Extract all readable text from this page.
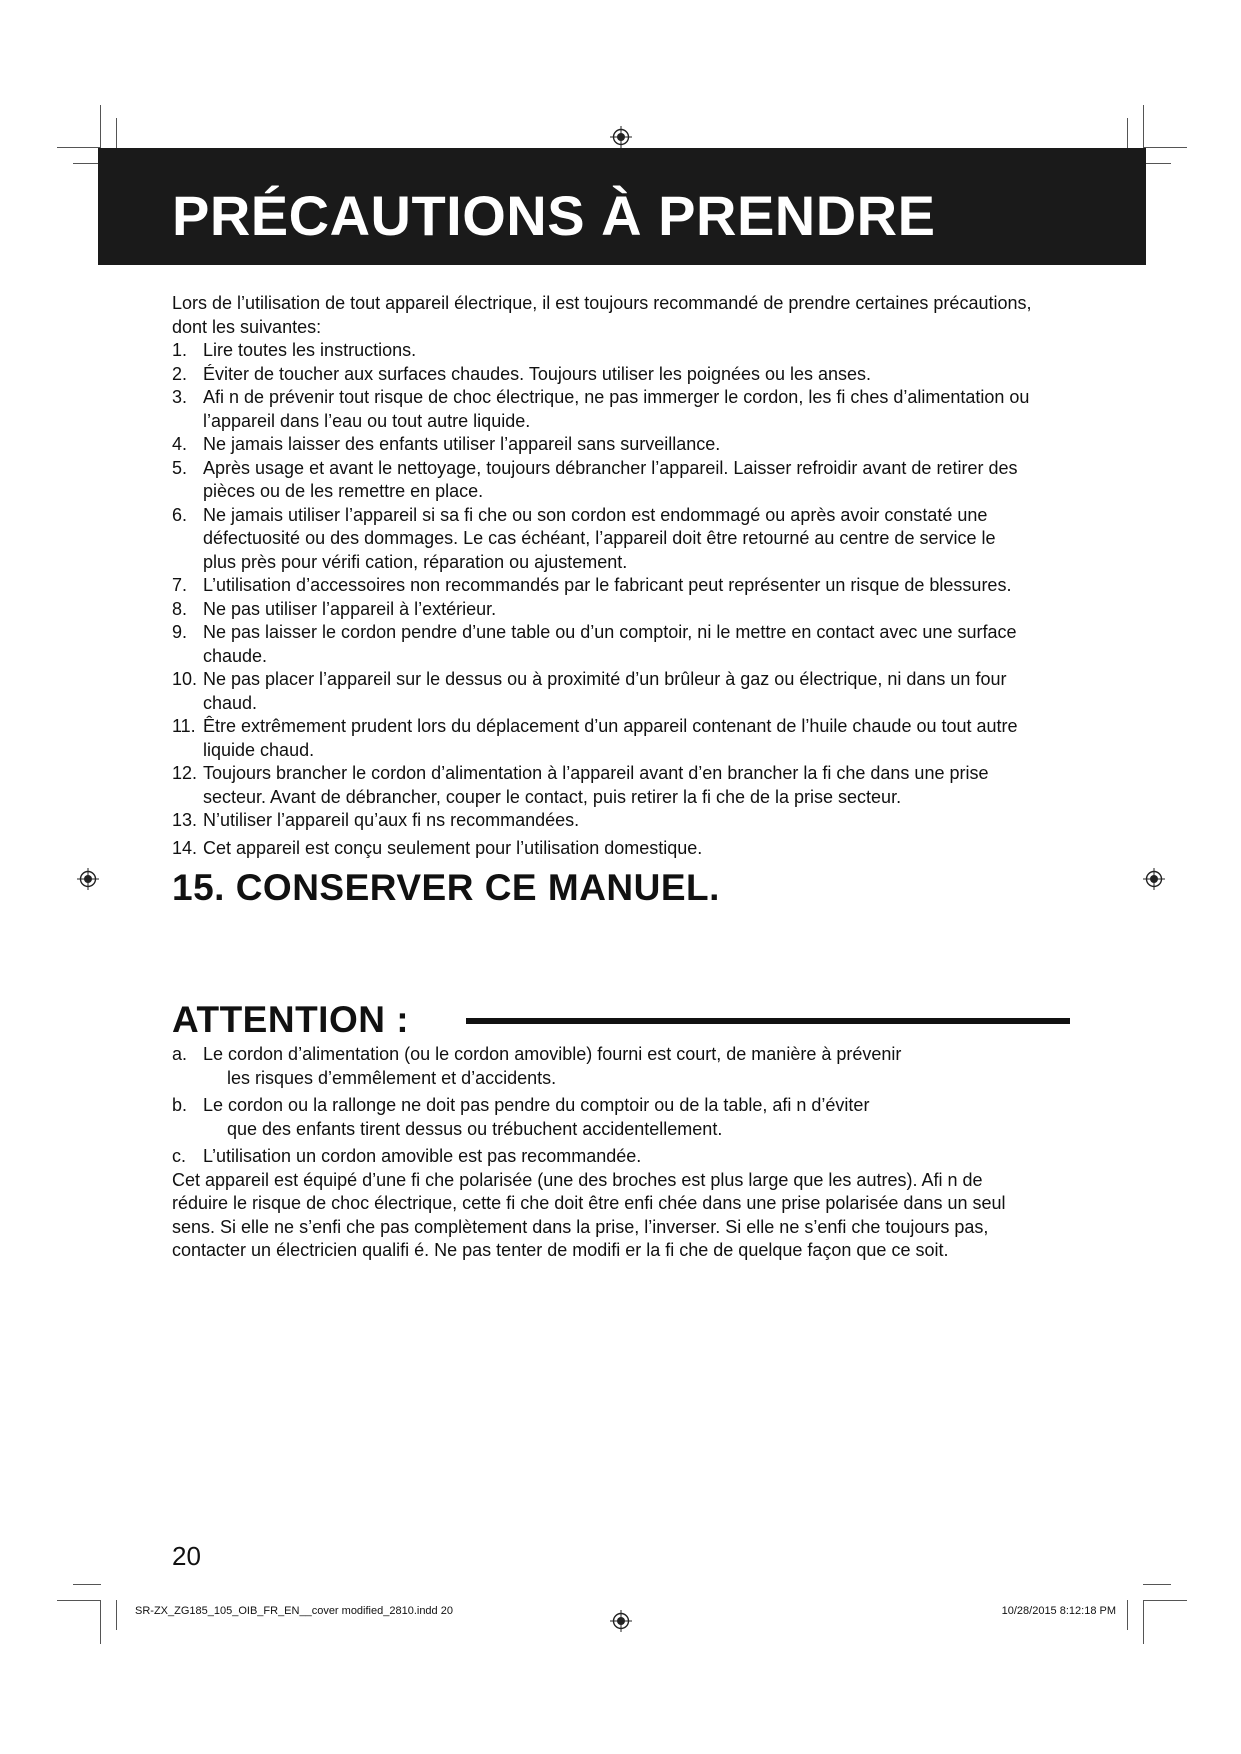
PRÉCAUTIONS À PRENDRE

Lors de l’utilisation de tout appareil électrique, il est toujours recommandé de prendre certaines précautions, dont les suivantes:

1. Lire toutes les instructions.
2. Éviter de toucher aux surfaces chaudes. Toujours utiliser les poignées ou les anses.
3. Afi n de prévenir tout risque de choc électrique, ne pas immerger le cordon, les fi ches d’alimentation ou l’appareil dans l’eau ou tout autre liquide.
4. Ne jamais laisser des enfants utiliser l’appareil sans surveillance.
5. Après usage et avant le nettoyage, toujours débrancher l’appareil. Laisser refroidir avant de retirer des pièces ou de les remettre en place.
6. Ne jamais utiliser l’appareil si sa fi che ou son cordon est endommagé ou après avoir constaté une défectuosité ou des dommages. Le cas échéant, l’appareil doit être retourné au centre de service le plus près pour vérifi cation, réparation ou ajustement.
7. L’utilisation d’accessoires non recommandés par le fabricant peut représenter un risque de blessures.
8. Ne pas utiliser l’appareil à l’extérieur.
9. Ne pas laisser le cordon pendre d’une table ou d’un comptoir, ni le mettre en contact avec une surface chaude.
10. Ne pas placer l’appareil sur le dessus ou à proximité d’un brûleur à gaz ou électrique, ni dans un four chaud.
11. Être extrêmement prudent lors du déplacement d’un appareil contenant de l’huile chaude ou tout autre liquide chaud.
12. Toujours brancher le cordon d’alimentation à l’appareil avant d’en brancher la fi che dans une prise secteur. Avant de débrancher, couper le contact, puis retirer la fi che de la prise secteur.
13. N’utiliser l’appareil qu’aux fi ns recommandées.
14. Cet appareil est conçu seulement pour l’utilisation domestique.
15. CONSERVER CE MANUEL.
ATTENTION :
a. Le cordon d’alimentation (ou le cordon amovible) fourni est court, de manière à prévenir
les risques d’emmêlement et d’accidents.
b. Le cordon ou la rallonge ne doit pas pendre du comptoir ou de la table, afi n d’éviter
que des enfants tirent dessus ou trébuchent accidentellement.
c. L’utilisation un cordon amovible est pas recommandée.

Cet appareil est équipé d’une fi che polarisée (une des broches est plus large que les autres). Afi n de réduire le risque de choc électrique, cette fi che doit être enfi chée dans une prise polarisée dans un seul sens. Si elle ne s’enfi che pas complètement dans la prise, l’inverser. Si elle ne s’enfi che toujours pas, contacter un électricien qualifi é. Ne pas tenter de modifi er la fi che de quelque façon que ce soit.

20
SR-ZX_ZG185_105_OIB_FR_EN__cover modified_2810.indd 20	10/28/2015 8:12:18 PM
